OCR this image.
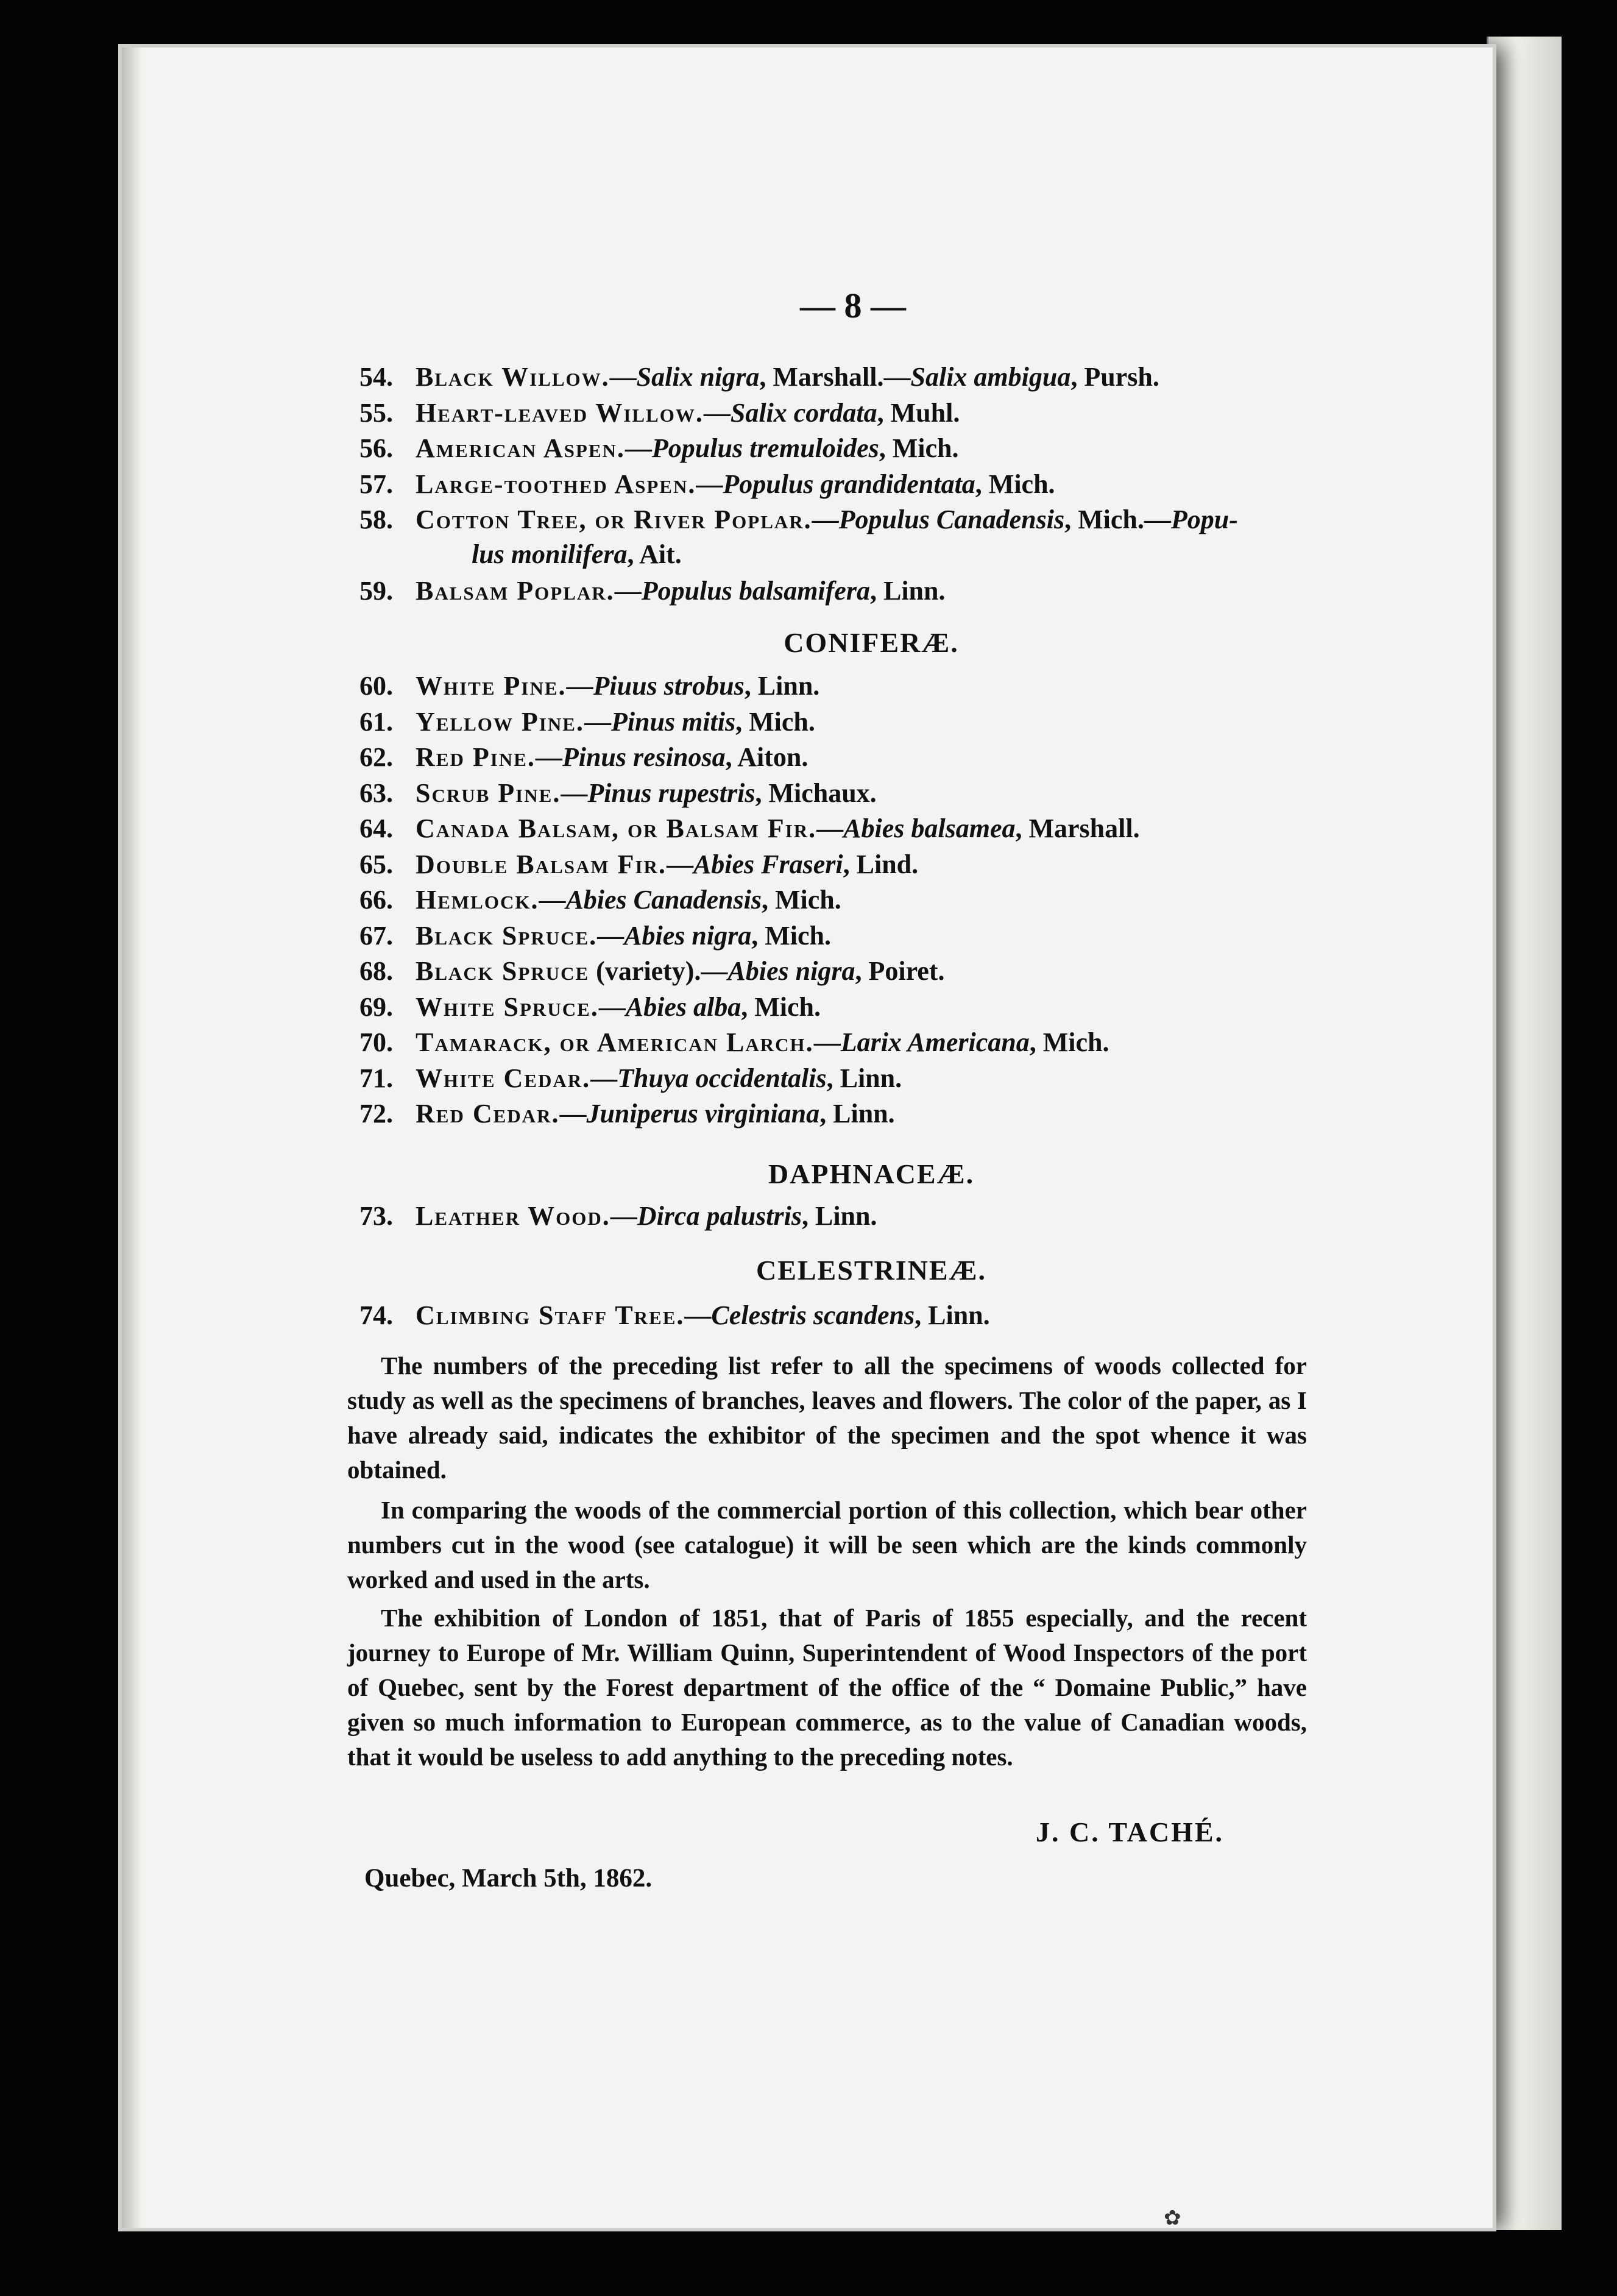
— 8 —
54. Black Willow.—Salix nigra, Marshall.—Salix ambigua, Pursh.
55. Heart-leaved Willow.—Salix cordata, Muhl.
56. American Aspen.—Populus tremuloides, Mich.
57. Large-toothed Aspen.—Populus grandidentata, Mich.
58. Cotton Tree, or River Poplar.—Populus Canadensis, Mich.—Popu-
lus monilifera, Ait.
59. Balsam Poplar.—Populus balsamifera, Linn.
60. White Pine.—Piuus strobus, Linn.
61. Yellow Pine.—Pinus mitis, Mich.
62. Red Pine.—Pinus resinosa, Aiton.
63. Scrub Pine.—Pinus rupestris, Michaux.
64. Canada Balsam, or Balsam Fir.—Abies balsamea, Marshall.
65. Double Balsam Fir.—Abies Fraseri, Lind.
66. Hemlock.—Abies Canadensis, Mich.
67. Black Spruce.—Abies nigra, Mich.
68. Black Spruce (variety).—Abies nigra, Poiret.
69. White Spruce.—Abies alba, Mich.
70. Tamarack, or American Larch.—Larix Americana, Mich.
71. White Cedar.—Thuya occidentalis, Linn.
72. Red Cedar.—Juniperus virginiana, Linn.
73. Leather Wood.—Dirca palustris, Linn.
74. Climbing Staff Tree.—Celestris scandens, Linn.
CONIFERÆ.
DAPHNACEÆ.
CELESTRINEÆ.

The numbers of the preceding list refer to all the specimens of woods collected for study as well as the specimens of branches, leaves and flowers. The color of the paper, as I have already said, indicates the exhibitor of the specimen and the spot whence it was obtained.

In comparing the woods of the commercial portion of this collection, which bear other numbers cut in the wood (see catalogue) it will be seen which are the kinds commonly worked and used in the arts.

The exhibition of London of 1851, that of Paris of 1855 especially, and the recent journey to Europe of Mr. William Quinn, Superintendent of Wood Inspectors of the port of Quebec, sent by the Forest department of the office of the “ Domaine Public,” have given so much information to European commerce, as to the value of Canadian woods, that it would be useless to add anything to the preceding notes.

J. C. TACHÉ.
Quebec, March 5th, 1862.
✿
